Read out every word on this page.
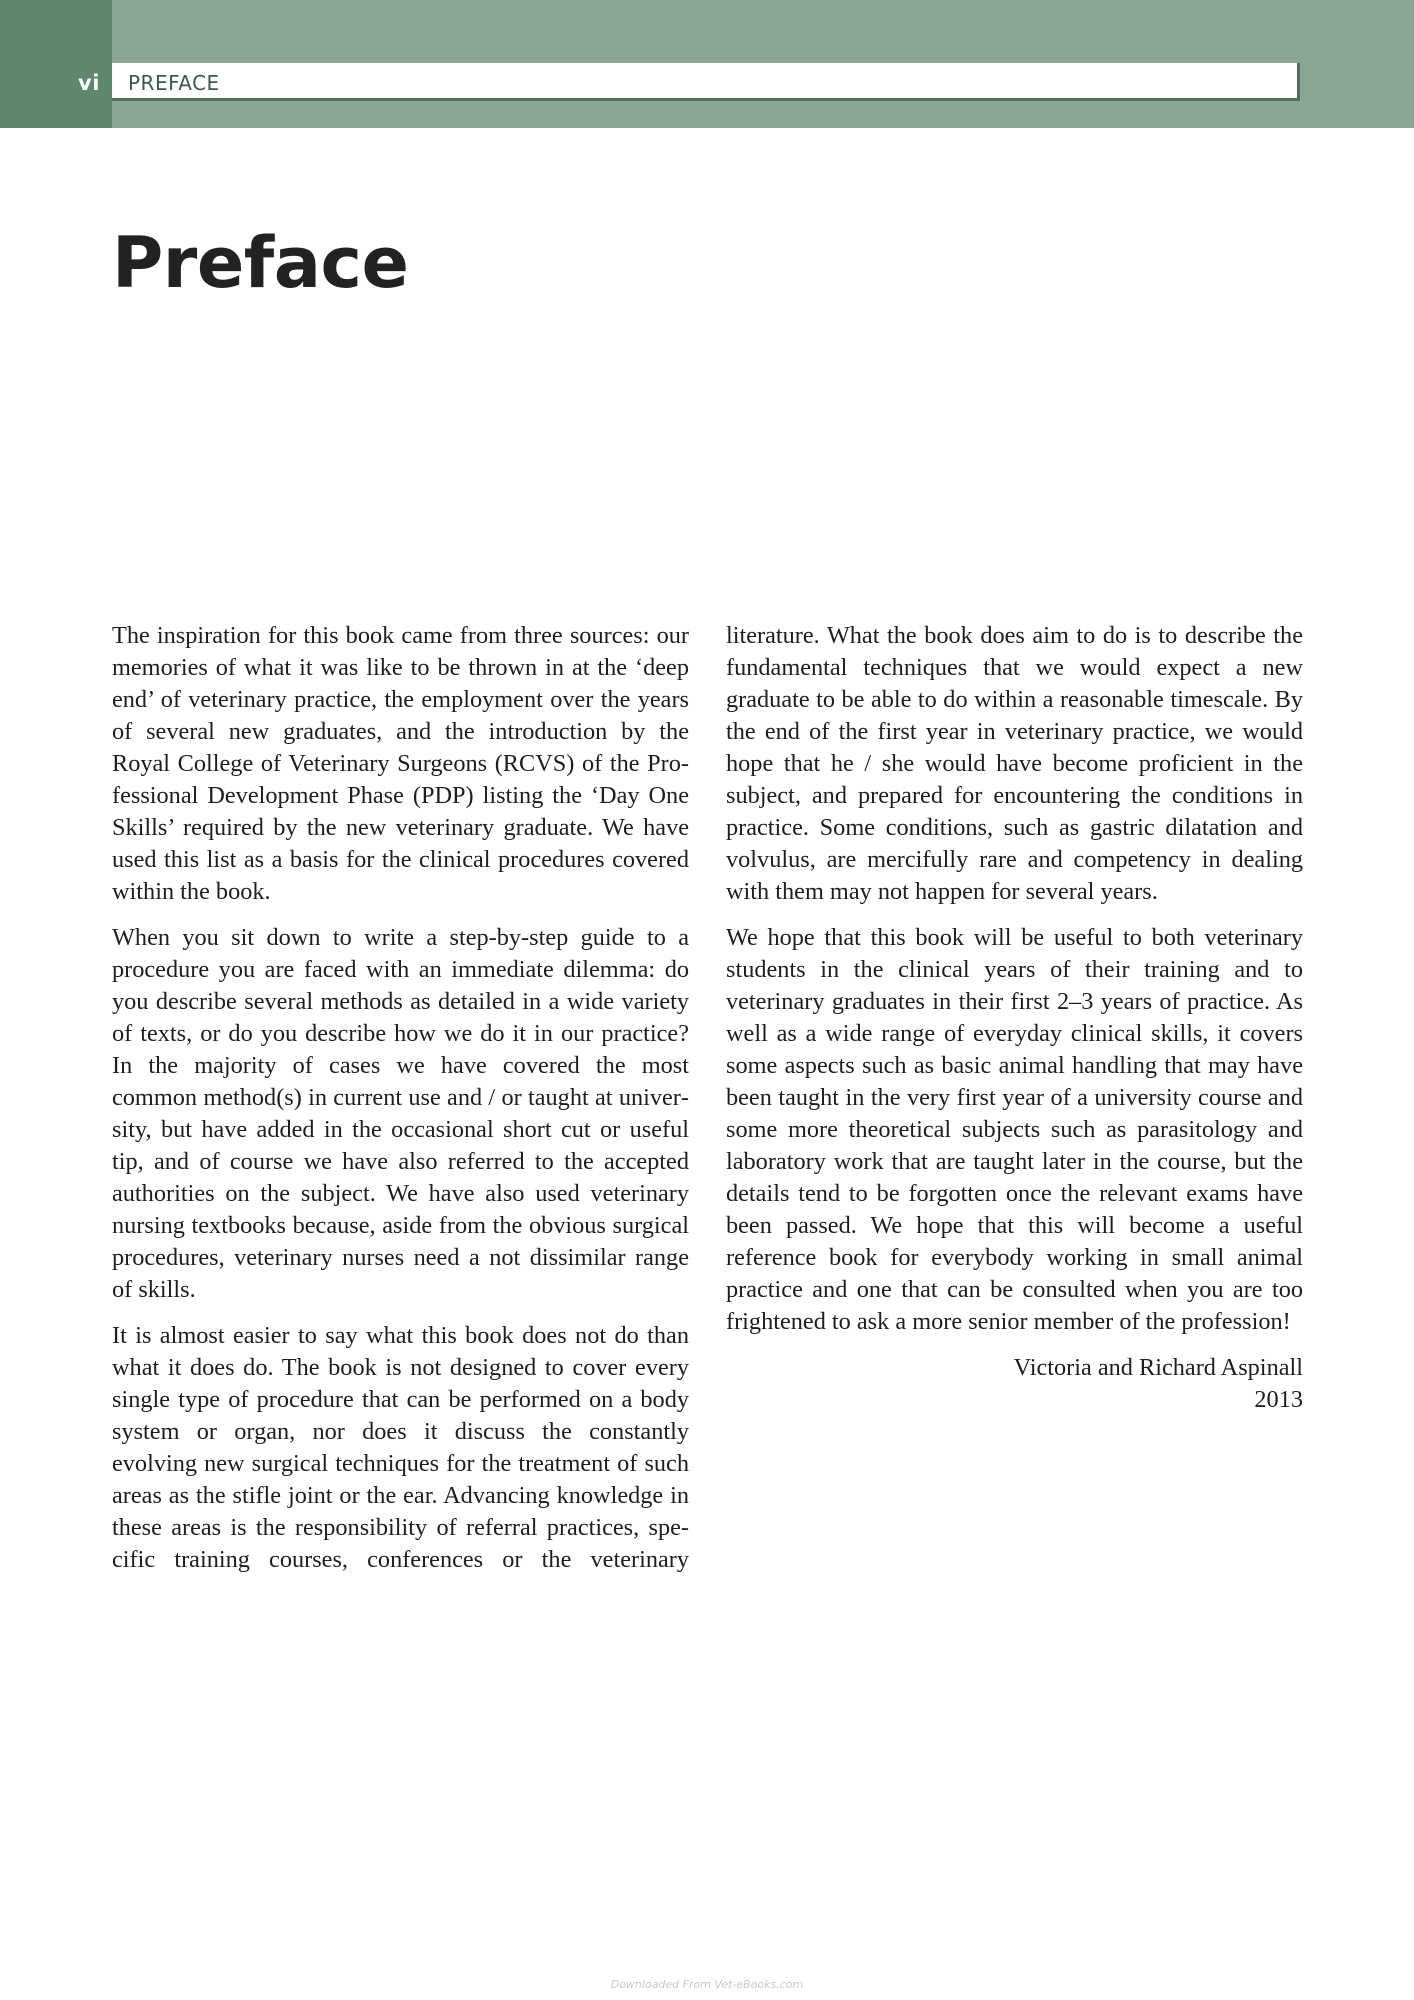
vi PREFACE
Preface

The inspiration for this book came from three sources: our memories of what it was like to be thrown in at the ‘deep end’ of veterinary practice, the employment over the years of several new graduates, and the introduction by the Royal College of Veterinary Surgeons (RCVS) of the Professional Development Phase (PDP) listing the ‘Day One Skills’ required by the new veterinary graduate. We have used this list as a basis for the clinical procedures covered within the book.

When you sit down to write a step-by-step guide to a procedure you are faced with an immediate dilemma: do you describe several methods as detailed in a wide variety of texts, or do you describe how we do it in our practice? In the majority of cases we have covered the most common method(s) in current use and / or taught at university, but have added in the occasional short cut or useful tip, and of course we have also referred to the accepted authorities on the subject. We have also used veterinary nursing textbooks because, aside from the obvious surgical procedures, veterinary nurses need a not dissimilar range of skills.

It is almost easier to say what this book does not do than what it does do. The book is not designed to cover every single type of procedure that can be performed on a body system or organ, nor does it discuss the constantly evolving new surgical techniques for the treatment of such areas as the stifle joint or the ear. Advancing knowledge in these areas is the responsibility of referral practices, specific training courses, conferences or the veterinary

literature. What the book does aim to do is to describe the fundamental techniques that we would expect a new graduate to be able to do within a reasonable timescale. By the end of the first year in veterinary practice, we would hope that he / she would have become proficient in the subject, and prepared for encountering the conditions in practice. Some conditions, such as gastric dilatation and volvulus, are mercifully rare and competency in dealing with them may not happen for several years.

We hope that this book will be useful to both veterinary students in the clinical years of their training and to veterinary graduates in their first 2–3 years of practice. As well as a wide range of everyday clinical skills, it covers some aspects such as basic animal handling that may have been taught in the very first year of a university course and some more theoretical subjects such as parasitology and laboratory work that are taught later in the course, but the details tend to be forgotten once the relevant exams have been passed. We hope that this will become a useful reference book for everybody working in small animal practice and one that can be consulted when you are too frightened to ask a more senior member of the profession!

Victoria and Richard Aspinall
2013
Downloaded From Vet-eBooks.com
